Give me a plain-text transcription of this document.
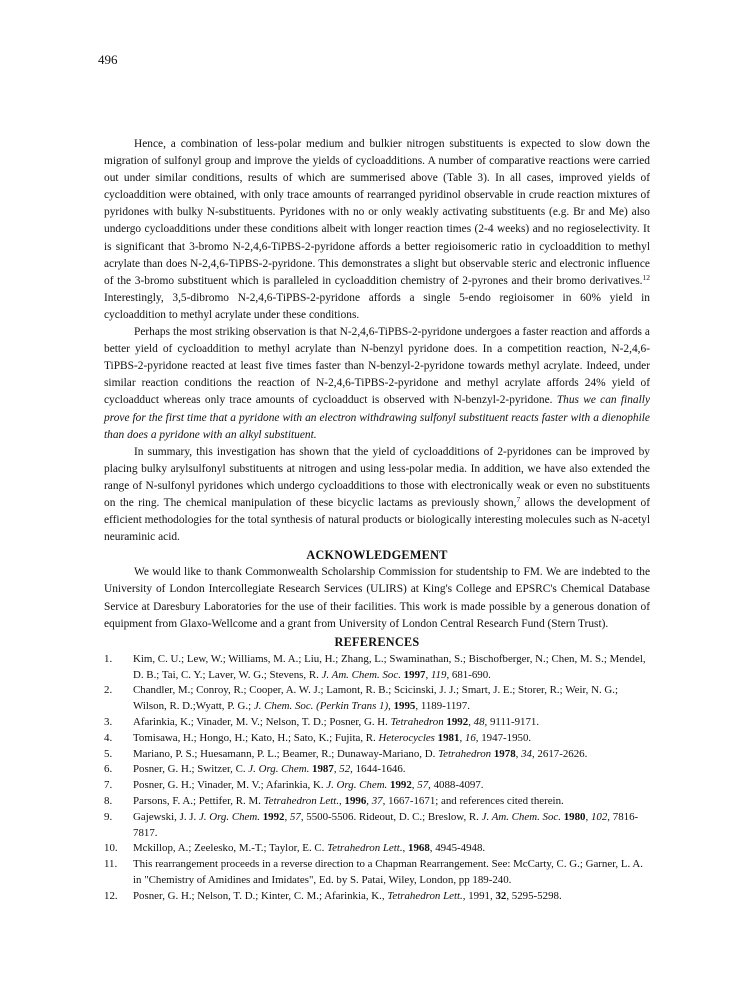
496

Hence, a combination of less-polar medium and bulkier nitrogen substituents is expected to slow down the migration of sulfonyl group and improve the yields of cycloadditions. A number of comparative reactions were carried out under similar conditions, results of which are summerised above (Table 3). In all cases, improved yields of cycloaddition were obtained, with only trace amounts of rearranged pyridinol observable in crude reaction mixtures of pyridones with bulky N-substituents. Pyridones with no or only weakly activating substituents (e.g. Br and Me) also undergo cycloadditions under these conditions albeit with longer reaction times (2-4 weeks) and no regioselectivity. It is significant that 3-bromo N-2,4,6-TiPBS-2-pyridone affords a better regioisomeric ratio in cycloaddition to methyl acrylate than does N-2,4,6-TiPBS-2-pyridone. This demonstrates a slight but observable steric and electronic influence of the 3-bromo substituent which is paralleled in cycloaddition chemistry of 2-pyrones and their bromo derivatives.$^{12}$ Interestingly, 3,5-dibromo N-2,4,6-TiPBS-2-pyridone affords a single 5-endo regioisomer in 60% yield in cycloaddition to methyl acrylate under these conditions.

Perhaps the most striking observation is that N-2,4,6-TiPBS-2-pyridone undergoes a faster reaction and affords a better yield of cycloaddition to methyl acrylate than N-benzyl pyridone does. In a competition reaction, N-2,4,6-TiPBS-2-pyridone reacted at least five times faster than N-benzyl-2-pyridone towards methyl acrylate. Indeed, under similar reaction conditions the reaction of N-2,4,6-TiPBS-2-pyridone and methyl acrylate affords 24% yield of cycloadduct whereas only trace amounts of cycloadduct is observed with N-benzyl-2-pyridone. Thus we can finally prove for the first time that a pyridone with an electron withdrawing sulfonyl substituent reacts faster with a dienophile than does a pyridone with an alkyl substituent.

In summary, this investigation has shown that the yield of cycloadditions of 2-pyridones can be improved by placing bulky arylsulfonyl substituents at nitrogen and using less-polar media. In addition, we have also extended the range of N-sulfonyl pyridones which undergo cycloadditions to those with electronically weak or even no substituents on the ring. The chemical manipulation of these bicyclic lactams as previously shown,$^7$ allows the development of efficient methodologies for the total synthesis of natural products or biologically interesting molecules such as N-acetyl neuraminic acid.

ACKNOWLEDGEMENT

We would like to thank Commonwealth Scholarship Commission for studentship to FM. We are indebted to the University of London Intercollegiate Research Services (ULIRS) at King's College and EPSRC's Chemical Database Service at Daresbury Laboratories for the use of their facilities. This work is made possible by a generous donation of equipment from Glaxo-Wellcome and a grant from University of London Central Research Fund (Stern Trust).

REFERENCES
1.	Kim, C. U.; Lew, W.; Williams, M. A.; Liu, H.; Zhang, L.; Swaminathan, S.; Bischofberger, N.; Chen, M. S.; Mendel, D. B.; Tai, C. Y.; Laver, W. G.; Stevens, R. J. Am. Chem. Soc. 1997, 119, 681-690.
2.	Chandler, M.; Conroy, R.; Cooper, A. W. J.; Lamont, R. B.; Scicinski, J. J.; Smart, J. E.; Storer, R.; Weir, N. G.; Wilson, R. D.;Wyatt, P. G.; J. Chem. Soc. (Perkin Trans 1), 1995, 1189-1197.
3.	Afarinkia, K.; Vinader, M. V.; Nelson, T. D.; Posner, G. H. Tetrahedron 1992, 48, 9111-9171.
4.	Tomisawa, H.; Hongo, H.; Kato, H.; Sato, K.; Fujita, R. Heterocycles 1981, 16, 1947-1950.
5.	Mariano, P. S.; Huesamann, P. L.; Beamer, R.; Dunaway-Mariano, D. Tetrahedron 1978, 34, 2617-2626.
6.	Posner, G. H.; Switzer, C. J. Org. Chem. 1987, 52, 1644-1646.
7.	Posner, G. H.; Vinader, M. V.; Afarinkia, K. J. Org. Chem. 1992, 57, 4088-4097.
8.	Parsons, F. A.; Pettifer, R. M. Tetrahedron Lett., 1996, 37, 1667-1671; and references cited therein.
9.	Gajewski, J. J. J. Org. Chem. 1992, 57, 5500-5506. Rideout, D. C.; Breslow, R. J. Am. Chem. Soc. 1980, 102, 7816-7817.
10.	Mckillop, A.; Zeelesko, M.-T.; Taylor, E. C. Tetrahedron Lett., 1968, 4945-4948.
11.	This rearrangement proceeds in a reverse direction to a Chapman Rearrangement. See: McCarty, C. G.; Garner, L. A. in "Chemistry of Amidines and Imidates", Ed. by S. Patai, Wiley, London, pp 189-240.
12.	Posner, G. H.; Nelson, T. D.; Kinter, C. M.; Afarinkia, K., Tetrahedron Lett., 1991, 32, 5295-5298.
